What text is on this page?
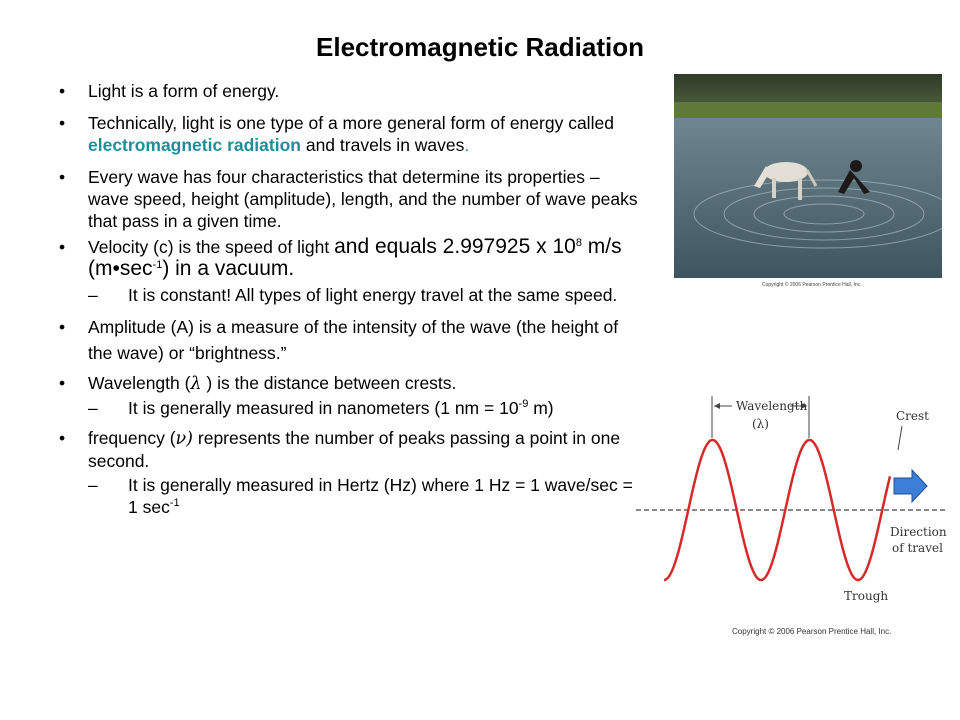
Electromagnetic Radiation
• Light is a form of energy.
• Technically, light is one type of a more general form of energy called electromagnetic radiation and travels in waves.
• Every wave has four characteristics that determine its properties – wave speed, height (amplitude), length, and the number of wave peaks that pass in a given time.
• Velocity (c) is the speed of light and equals 2.997925 x $10^8$ m/s $(m•\sec^{-1})$ in a vacuum.
– It is constant! All types of light energy travel at the same speed.
• Amplitude (A) is a measure of the intensity of the wave (the height of the wave) or “brightness.”
• Wavelength (λ ) is the distance between crests.
– It is generally measured in nanometers (1 nm = $10^{-9}$ m)
• frequency (ν) represents the number of peaks passing a point in one second.
– It is generally measured in Hertz (Hz) where 1 Hz = 1 wave/sec = 1 $\sec^{-1}$
Copyright © 2006 Pearson Prentice Hall, Inc.
Wavelength
(λ)
Crest
Trough
Direction
of travel
Copyright © 2006 Pearson Prentice Hall, Inc.
